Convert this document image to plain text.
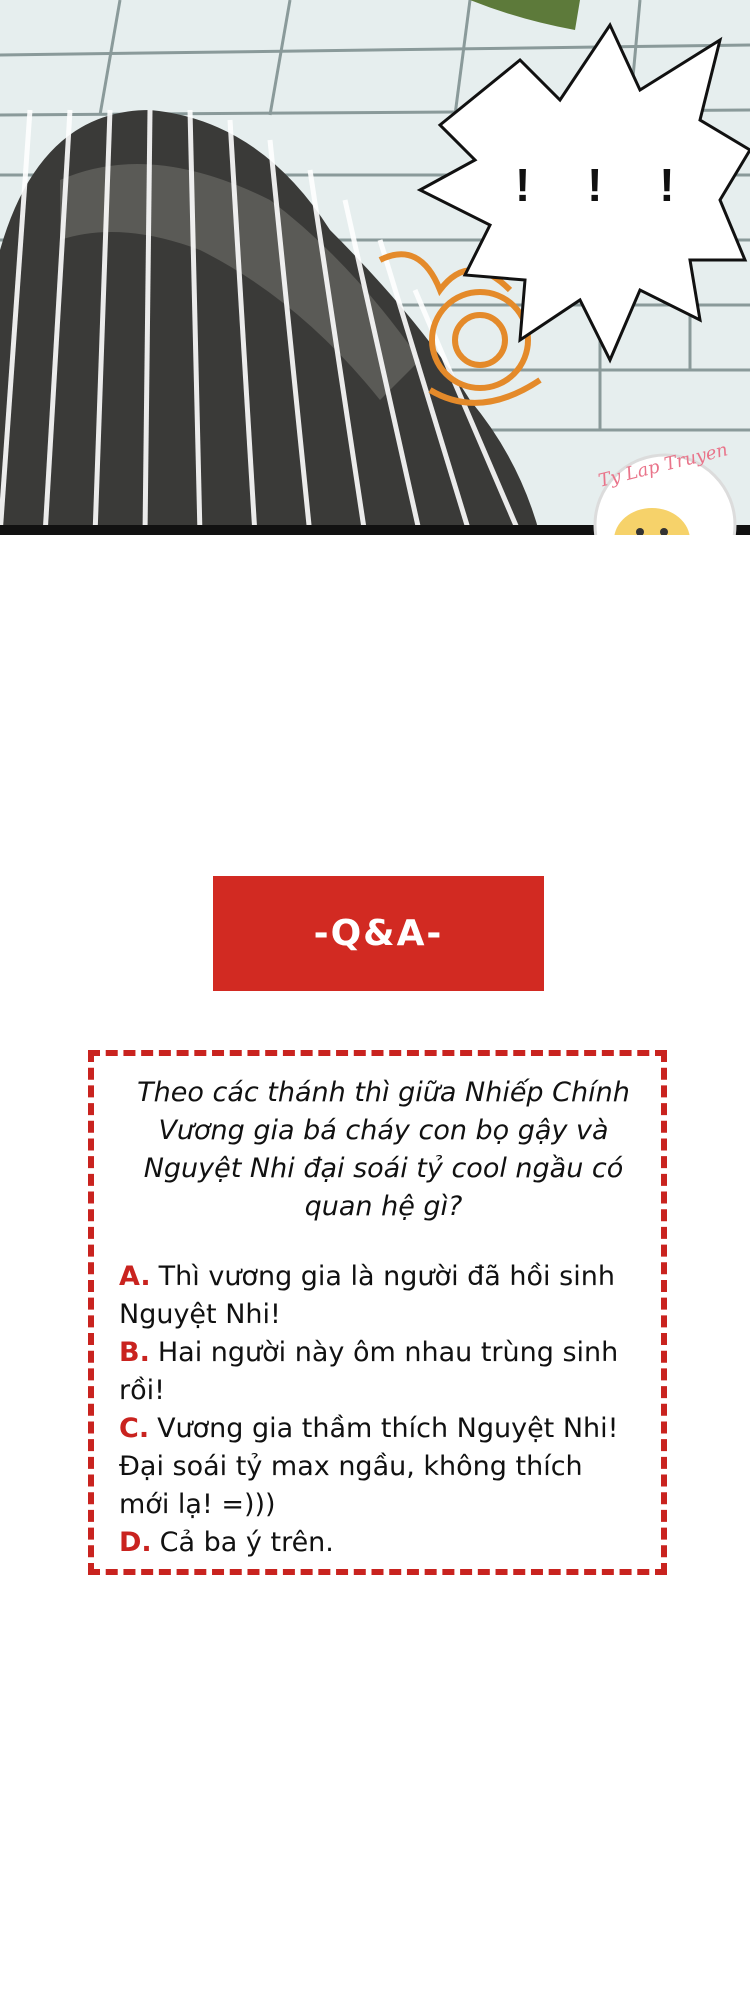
! ! !
Ty Lap Truyen
-Q&A-
Theo các thánh thì giữa Nhiếp Chính Vương gia bá cháy con bọ gậy và Nguyệt Nhi đại soái tỷ cool ngầu có quan hệ gì?
A. Thì vương gia là người đã hồi sinh Nguyệt Nhi!
B. Hai người này ôm nhau trùng sinh rồi!
C. Vương gia thầm thích Nguyệt Nhi! Đại soái tỷ max ngầu, không thích mới lạ! =)))
D. Cả ba ý trên.
